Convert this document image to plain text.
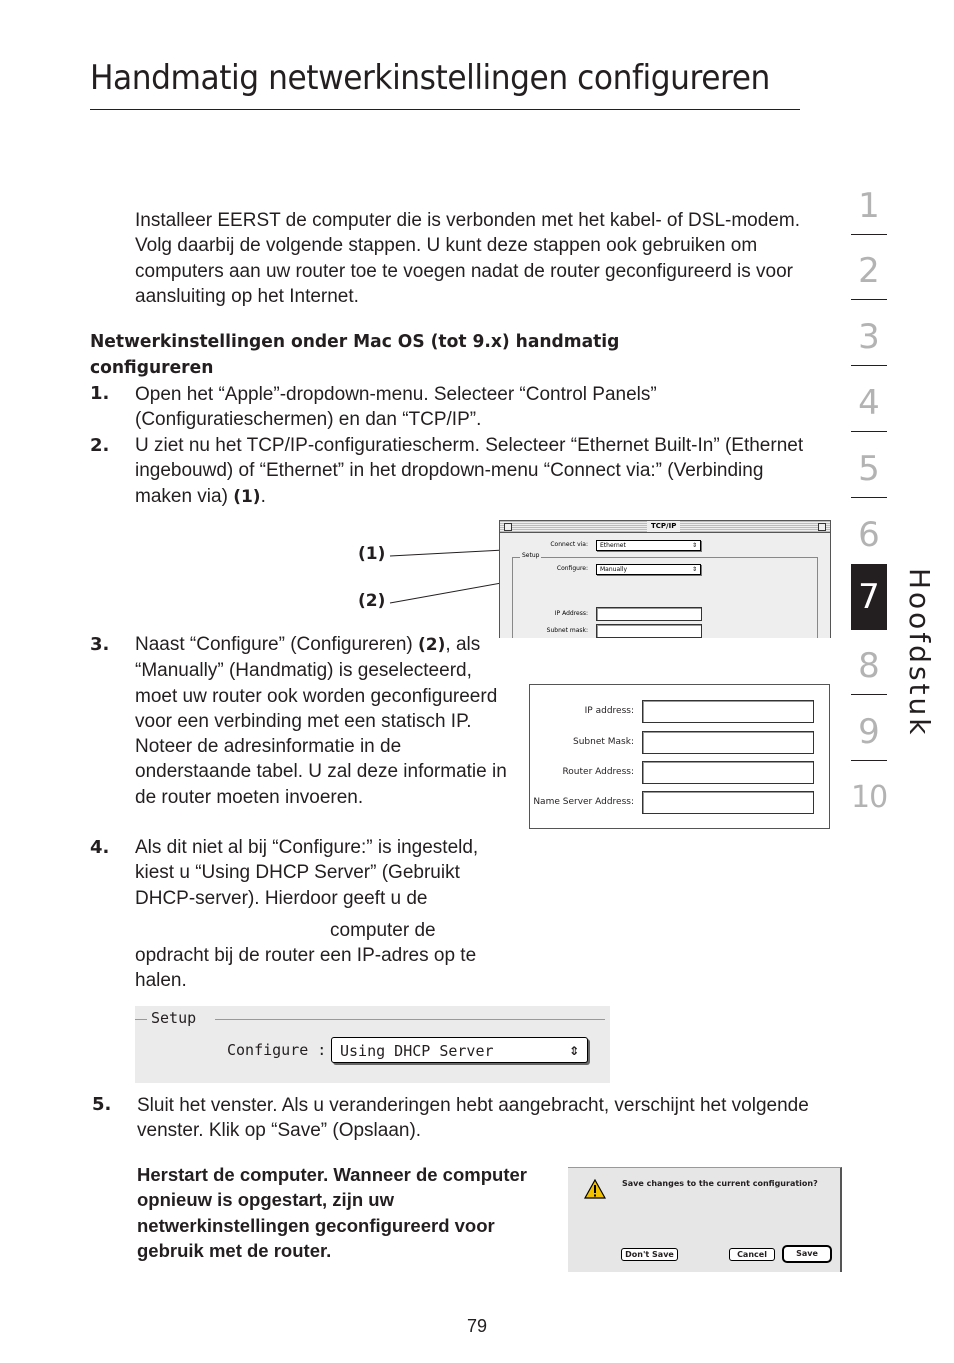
Handmatig netwerkinstellingen configureren
Installeer EERST de computer die is verbonden met het kabel- of DSL-modem. Volg daarbij de volgende stappen. U kunt deze stappen ook gebruiken om computers aan uw router toe te voegen nadat de router geconfigureerd is voor aansluiting op het Internet.
Netwerkinstellingen onder Mac OS (tot 9.x) handmatig
configureren
1. Open het “Apple”-dropdown-menu. Selecteer “Control Panels” (Configuratieschermen) en dan “TCP/IP”.
2. U ziet nu het TCP/IP-configuratiescherm. Selecteer “Ethernet Built-In” (Ethernet ingebouwd) of “Ethernet” in het dropdown-menu “Connect via:” (Verbinding maken via) (1).
(1)
(2)
TCP/IP
Connect via:	Ethernet	⇕
Setup
Configure:	Manually	⇕
IP Address:
Subnet mask:
3. Naast “Configure” (Configureren) (2), als “Manually” (Handmatig) is geselecteerd, moet uw router ook worden geconfigureerd voor een verbinding met een statisch IP. Noteer de adresinformatie in de onderstaande tabel. U zal deze informatie in de router moeten invoeren.
IP address:
Subnet Mask:
Router Address:
Name Server Address:
4. Als dit niet al bij “Configure:” is ingesteld, kiest u “Using DHCP Server” (Gebruikt DHCP-server). Hierdoor geeft u de
computer de
opdracht bij de router een IP-adres op te halen.
Setup
Configure : Using DHCP Server	⇕
5. Sluit het venster. Als u veranderingen hebt aangebracht, verschijnt het volgende venster. Klik op “Save” (Opslaan).
Herstart de computer. Wanneer de computer opnieuw is opgestart, zijn uw netwerkinstellingen geconfigureerd voor gebruik met de router.
Save changes to the current configuration?
Don't Save	Cancel	Save
1
2
3
4
5
6
7
8
9
10
Hoofdstuk
79
